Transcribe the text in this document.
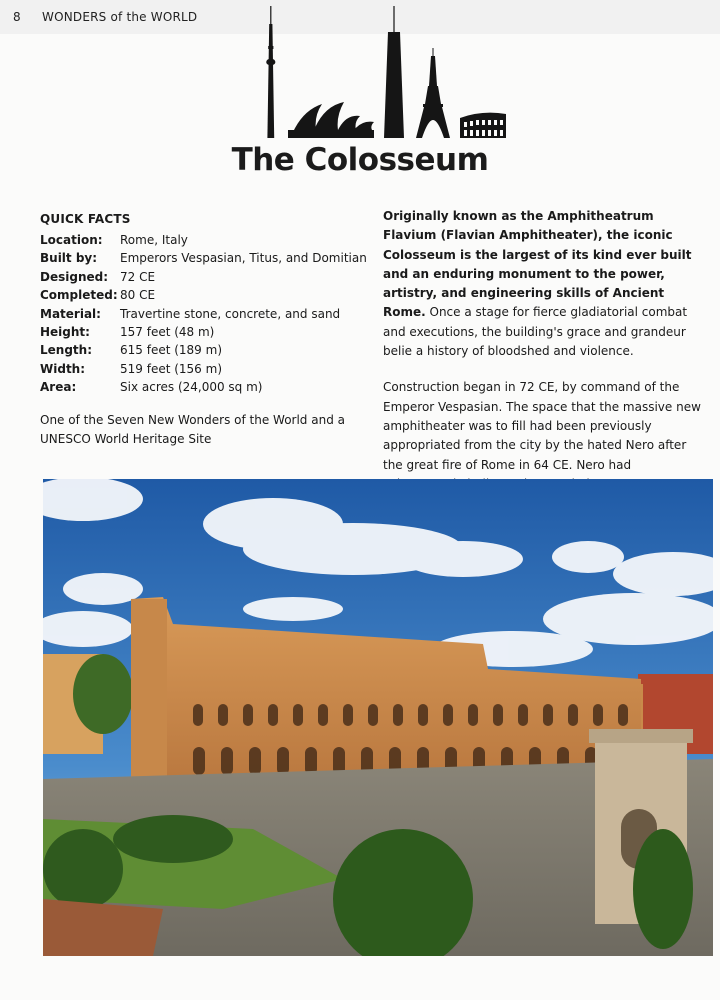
8 WONDERS of the WORLD
The Colosseum
QUICK FACTS
Location:	Rome, Italy
Built by:	Emperors Vespasian, Titus, and Domitian
Designed: 72 CE
Completed: 80 CE
Material:	Travertine stone, concrete, and sand
Height:	157 feet (48 m)
Length:	615 feet (189 m)
Width:	519 feet (156 m)
Area:	Six acres (24,000 sq m)
One of the Seven New Wonders of the World and a UNESCO World Heritage Site

Originally known as the Amphitheatrum Flavium (Flavian Amphitheater), the iconic Colosseum is the largest of its kind ever built and an enduring monument to the power, artistry, and engineering skills of Ancient Rome. Once a stage for fierce gladiatorial combat and executions, the building's grace and grandeur belie a history of bloodshed and violence.

Construction began in 72 CE, by command of the Emperor Vespasian. The space that the massive new amphitheater was to fill had been previously appropriated from the city by the hated Nero after the great fire of Rome in 64 CE. Nero had
